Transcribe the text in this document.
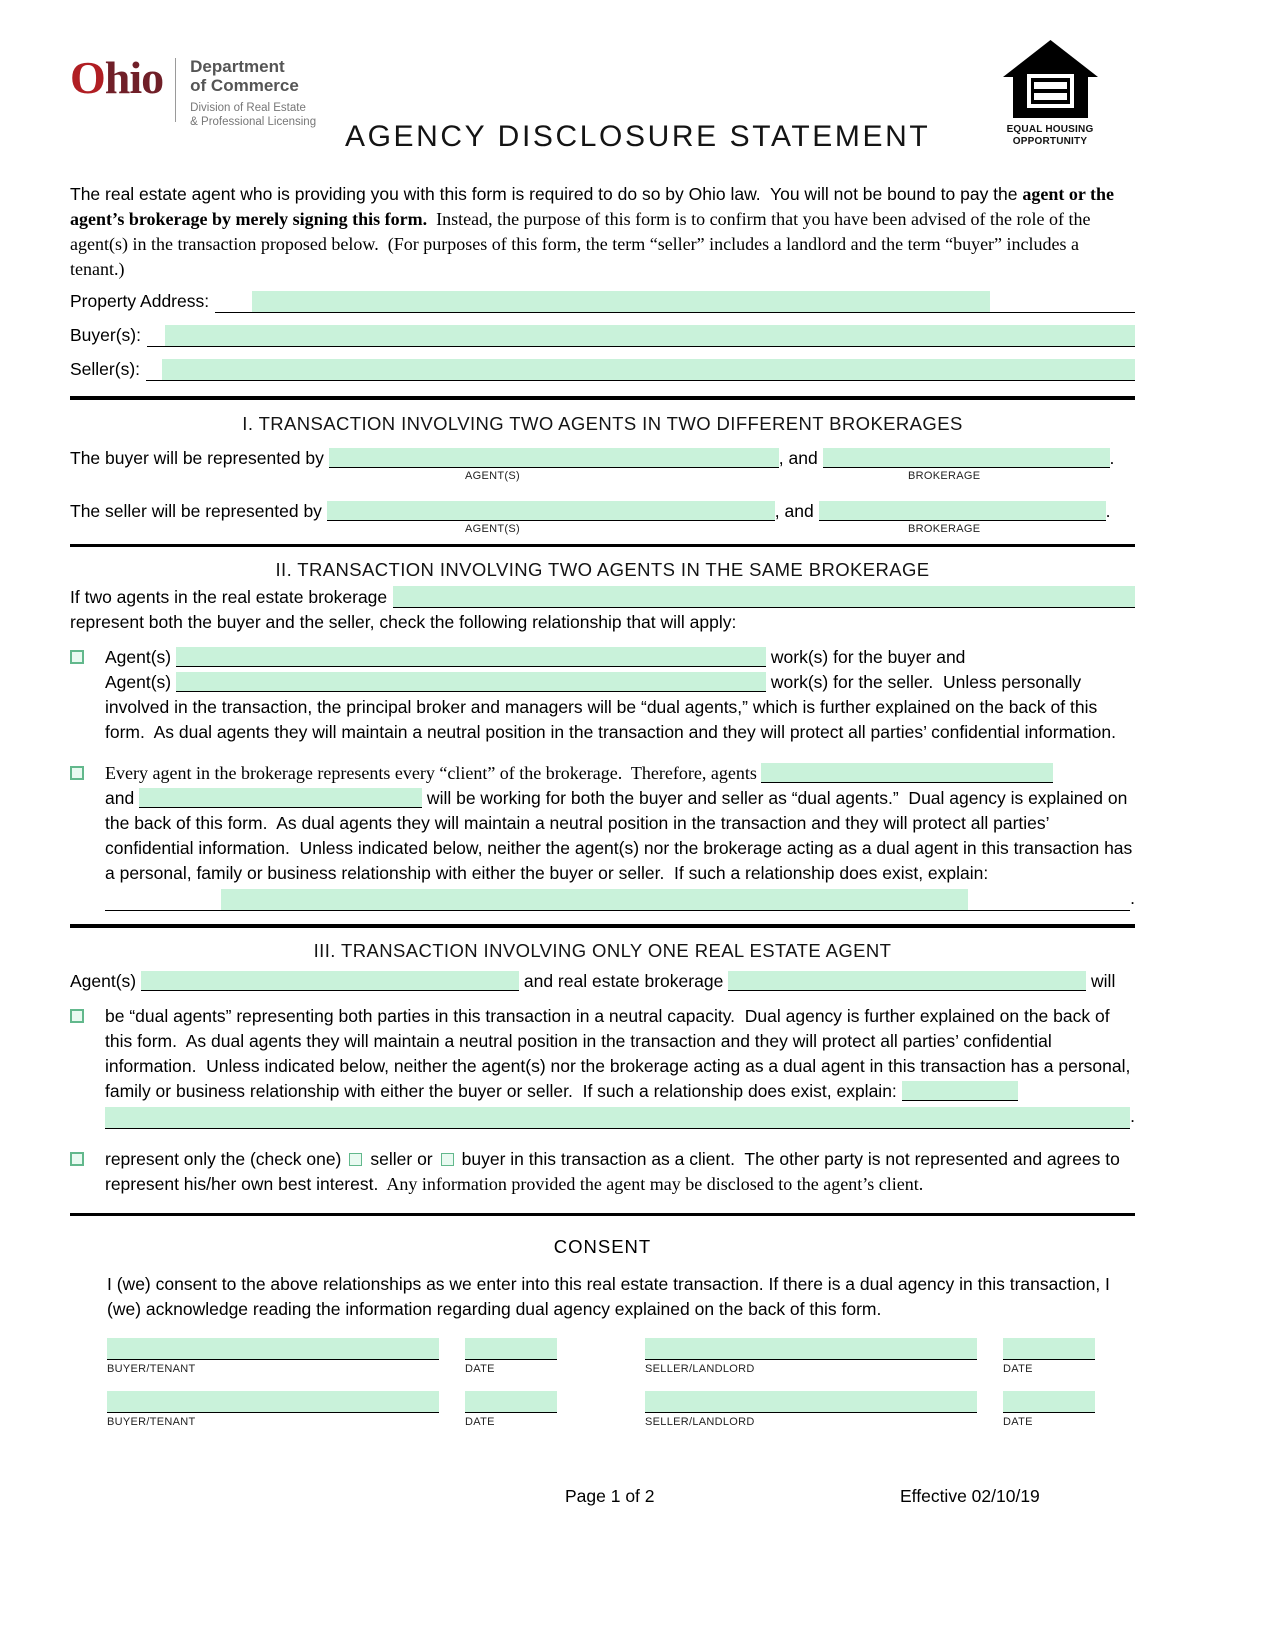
Ohio Department
of Commerce
Division of Real Estate
& Professional Licensing AGENCY DISCLOSURE STATEMENT	EQUAL HOUSING
OPPORTUNITY
The real estate agent who is providing you with this form is required to do so by Ohio law.  You will not be bound to pay the agent or the agent’s brokerage by merely signing this form.  Instead, the purpose of this form is to confirm that you have been advised of the role of the agent(s) in the transaction proposed below.  (For purposes of this form, the term “seller” includes a landlord and the term “buyer” includes a tenant.)
Property Address:
Buyer(s):
Seller(s):
I. TRANSACTION INVOLVING TWO AGENTS IN TWO DIFFERENT BROKERAGES
The buyer will be represented by	, and	.
AGENT(S)	BROKERAGE
The seller will be represented by	, and	.
AGENT(S)	BROKERAGE
II. TRANSACTION INVOLVING TWO AGENTS IN THE SAME BROKERAGE
If two agents in the real estate brokerage
represent both the buyer and the seller, check the following relationship that will apply:
Agent(s)	work(s) for the buyer and
Agent(s)	work(s) for the seller.  Unless personally involved in the transaction, the principal broker and managers will be “dual agents,” which is further explained on the back of this form.  As dual agents they will maintain a neutral position in the transaction and they will protect all parties’ confidential information.
Every agent in the brokerage represents every “client” of the brokerage.  Therefore, agents
and	will be working for both the buyer and seller as “dual agents.”  Dual agency is explained on the back of this form.  As dual agents they will maintain a neutral position in the transaction and they will protect all parties’ confidential information.  Unless indicated below, neither the agent(s) nor the brokerage acting as a dual agent in this transaction has a personal, family or business relationship with either the buyer or seller.  If such a relationship does exist, explain:
.
III. TRANSACTION INVOLVING ONLY ONE REAL ESTATE AGENT
Agent(s)	and real estate brokerage	will
be “dual agents” representing both parties in this transaction in a neutral capacity.  Dual agency is further explained on the back of this form.  As dual agents they will maintain a neutral position in the transaction and they will protect all parties’ confidential information.  Unless indicated below, neither the agent(s) nor the brokerage acting as a dual agent in this transaction has a personal, family or business relationship with either the buyer or seller.  If such a relationship does exist, explain:
.
represent only the (check one) seller or buyer in this transaction as a client.  The other party is not represented and agrees to represent his/her own best interest.  Any information provided the agent may be disclosed to the agent’s client.
CONSENT
I (we) consent to the above relationships as we enter into this real estate transaction. If there is a dual agency in this transaction, I (we) acknowledge reading the information regarding dual agency explained on the back of this form.
BUYER/TENANT	DATE	SELLER/LANDLORD	DATE
BUYER/TENANT	DATE	SELLER/LANDLORD	DATE
Page 1 of 2	Effective 02/10/19
